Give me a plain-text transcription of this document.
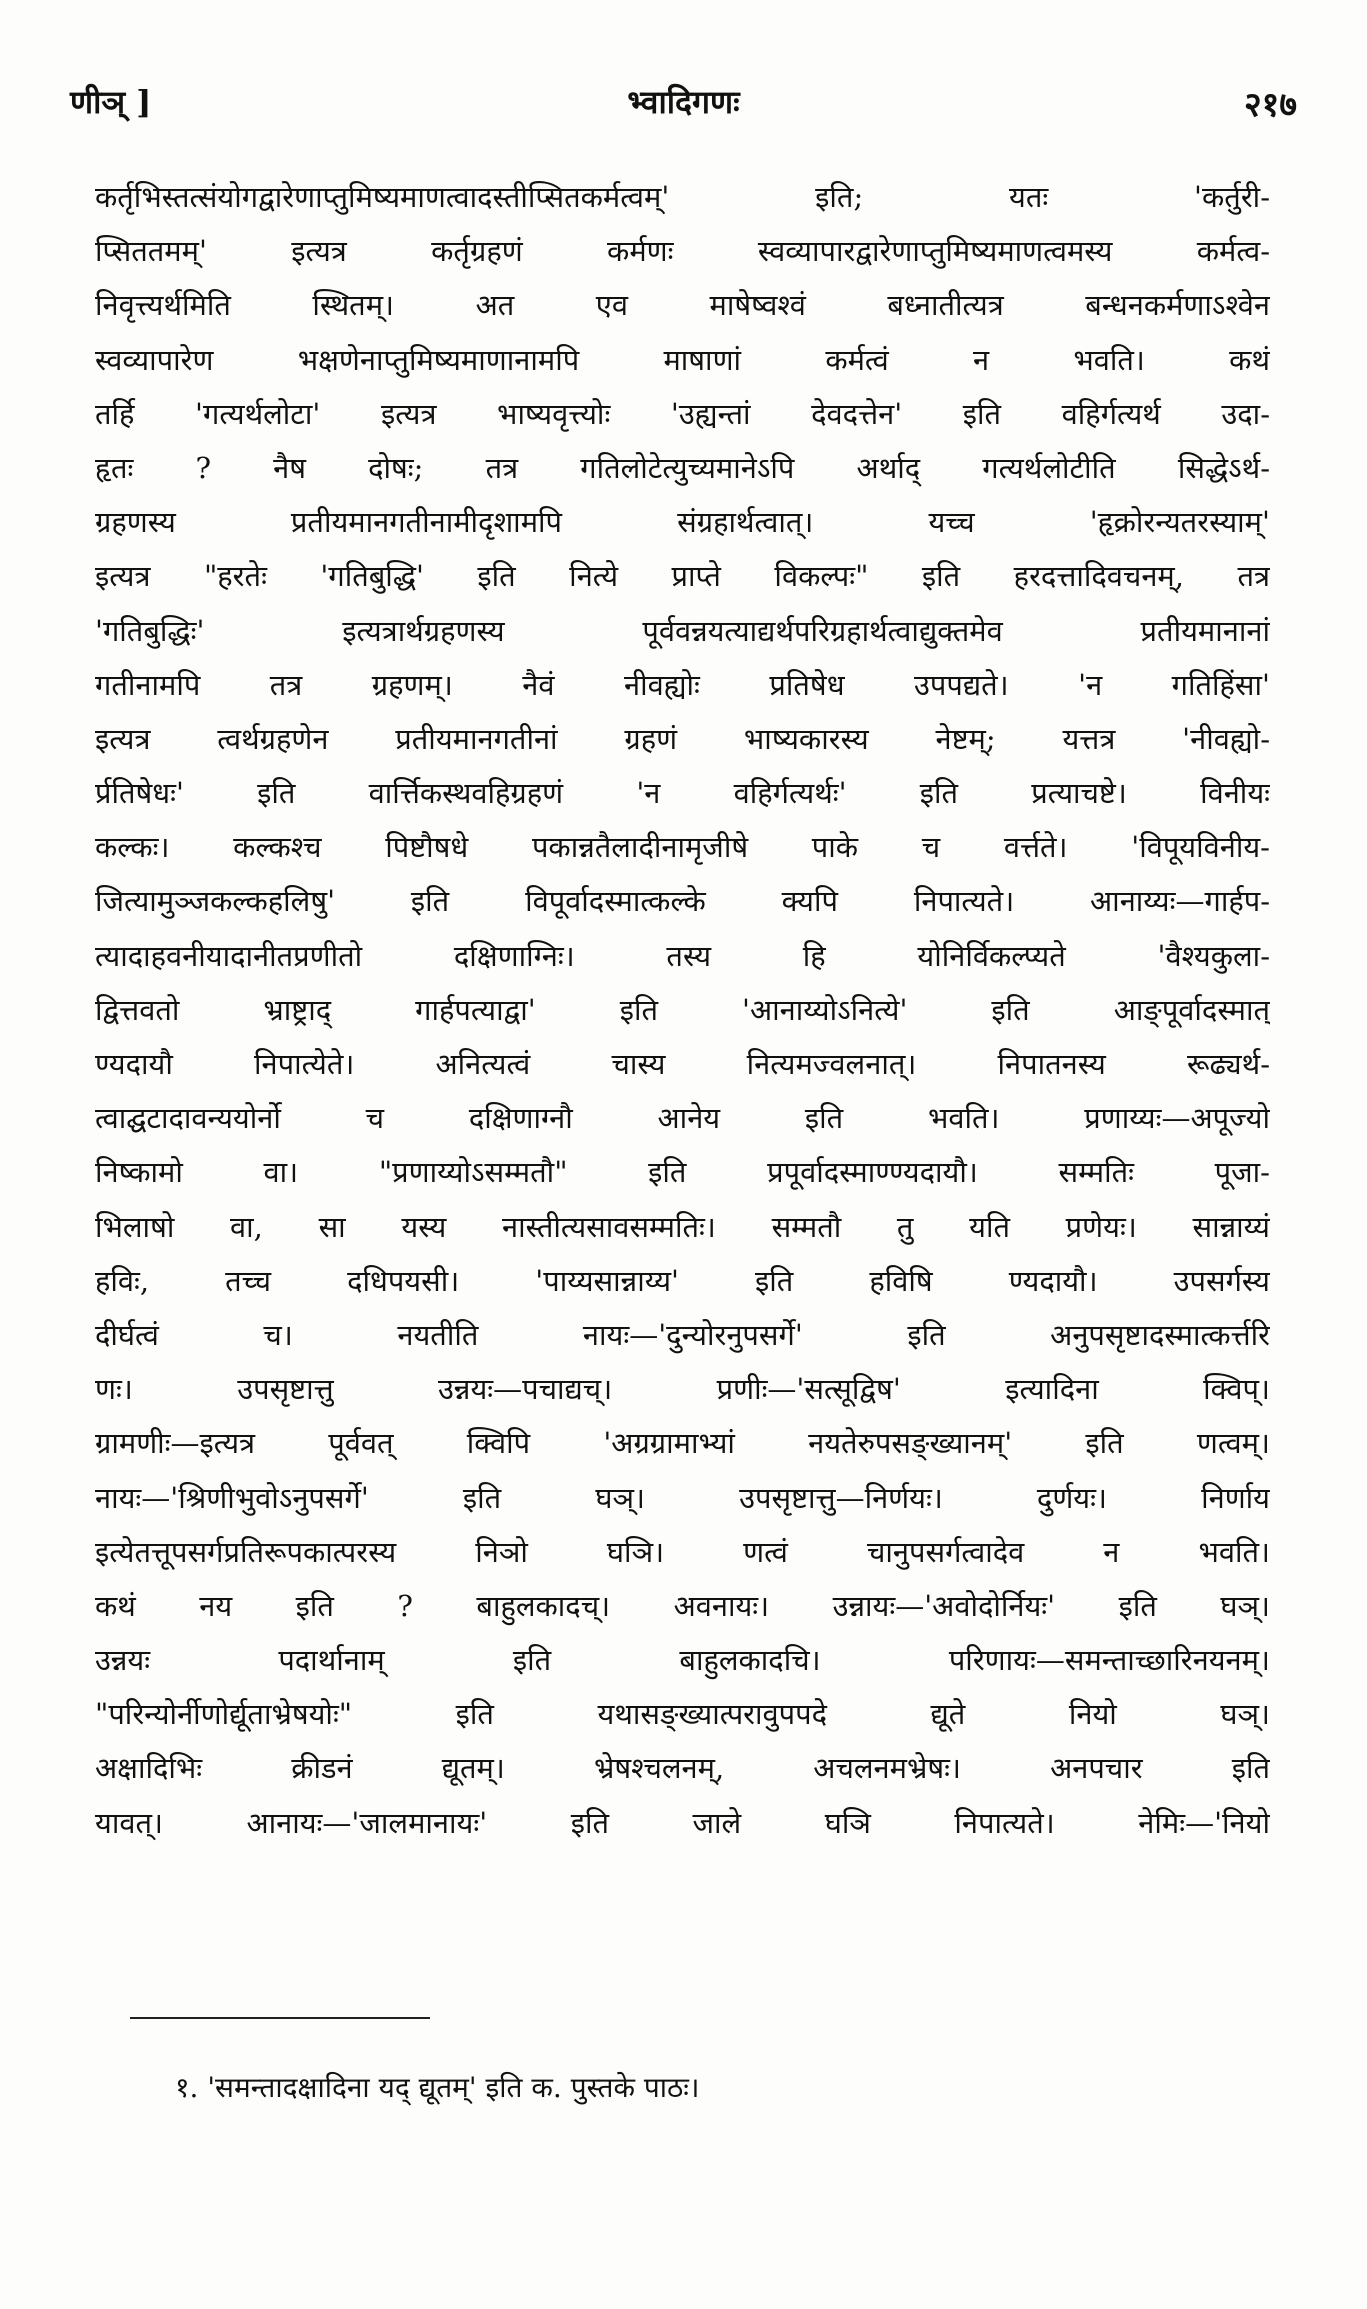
णीञ् ]	भ्वादिगणः	२१७
कर्तृभिस्तत्संयोगद्वारेणाप्तुमिष्यमाणत्वादस्तीप्सितकर्मत्वम्' इति; यतः 'कर्तुरी-
प्सिततमम्' इत्यत्र कर्तृग्रहणं कर्मणः स्वव्यापारद्वारेणाप्तुमिष्यमाणत्वमस्य कर्मत्व-
निवृत्त्यर्थमिति स्थितम्। अत एव माषेष्वश्वं बध्नातीत्यत्र बन्धनकर्मणाऽश्वेन
स्वव्यापारेण भक्षणेनाप्तुमिष्यमाणानामपि माषाणां कर्मत्वं न भवति। कथं
तर्हि 'गत्यर्थलोटा' इत्यत्र भाष्यवृत्त्योः 'उह्यन्तां देवदत्तेन' इति वहिर्गत्यर्थ उदा-
हृतः ? नैष दोषः; तत्र गतिलोटेत्युच्यमानेऽपि अर्थाद् गत्यर्थलोटीति सिद्धेऽर्थ-
ग्रहणस्य प्रतीयमानगतीनामीदृशामपि संग्रहार्थत्वात्। यच्च 'हृक्रोरन्यतरस्याम्'
इत्यत्र "हरतेः 'गतिबुद्धि' इति नित्ये प्राप्ते विकल्पः" इति हरदत्तादिवचनम्, तत्र
'गतिबुद्धिः' इत्यत्रार्थग्रहणस्य पूर्ववन्नयत्याद्यर्थपरिग्रहार्थत्वाद्युक्तमेव प्रतीयमानानां
गतीनामपि तत्र ग्रहणम्। नैवं नीवह्योः प्रतिषेध उपपद्यते। 'न गतिहिंसा'
इत्यत्र त्वर्थग्रहणेन प्रतीयमानगतीनां ग्रहणं भाष्यकारस्य नेष्टम्; यत्तत्र 'नीवह्यो-
र्प्रतिषेधः' इति वार्त्तिकस्थवहिग्रहणं 'न वहिर्गत्यर्थः' इति प्रत्याचष्टे। विनीयः
कल्कः। कल्कश्च पिष्टौषधे पकान्नतैलादीनामृजीषे पाके च वर्त्तते। 'विपूयविनीय-
जित्यामुञ्जकल्कहलिषु' इति विपूर्वादस्मात्कल्के क्यपि निपात्यते। आनाय्यः—गार्हप-
त्यादाहवनीयादानीतप्रणीतो दक्षिणाग्निः। तस्य हि योनिर्विकल्प्यते 'वैश्यकुला-
द्वित्तवतो भ्राष्ट्राद् गार्हपत्याद्वा' इति 'आनाय्योऽनित्ये' इति आङ्पूर्वादस्मात्
ण्यदायौ निपात्येते। अनित्यत्वं चास्य नित्यमज्वलनात्। निपातनस्य रूढ्यर्थ-
त्वाद्घटादावन्ययोर्नो च दक्षिणाग्नौ आनेय इति भवति। प्रणाय्यः—अपूज्यो
निष्कामो वा। "प्रणाय्योऽसम्मतौ" इति प्रपूर्वादस्माण्ण्यदायौ। सम्मतिः पूजा-
भिलाषो वा, सा यस्य नास्तीत्यसावसम्मतिः। सम्मतौ तु यति प्रणेयः। सान्नाय्यं
हविः, तच्च दधिपयसी। 'पाय्यसान्नाय्य' इति हविषि ण्यदायौ। उपसर्गस्य
दीर्घत्वं च। नयतीति नायः—'दुन्योरनुपसर्गे' इति अनुपसृष्टादस्मात्कर्त्तरि
णः। उपसृष्टात्तु उन्नयः—पचाद्यच्। प्रणीः—'सत्सूद्विष' इत्यादिना क्विप्।
ग्रामणीः—इत्यत्र पूर्ववत् क्विपि 'अग्रग्रामाभ्यां नयतेरुपसङ्ख्यानम्' इति णत्वम्।
नायः—'श्रिणीभुवोऽनुपसर्गे' इति घञ्। उपसृष्टात्तु—निर्णयः। दुर्णयः। निर्णाय
इत्येतत्तूपसर्गप्रतिरूपकात्परस्य निञो घञि। णत्वं चानुपसर्गत्वादेव न भवति।
कथं नय इति ? बाहुलकादच्। अवनायः। उन्नायः—'अवोदोर्नियः' इति घञ्।
उन्नयः पदार्थानाम् इति बाहुलकादचि। परिणायः—समन्ताच्छारिनयनम्।
"परिन्योर्नीणोर्द्यूताभ्रेषयोः" इति यथासङ्ख्यात्परावुपपदे द्यूते नियो घञ्।
अक्षादिभिः क्रीडनं द्यूतम्। भ्रेषश्चलनम्, अचलनमभ्रेषः। अनपचार इति
यावत्। आनायः—'जालमानायः' इति जाले घञि निपात्यते। नेमिः—'नियो
१. 'समन्तादक्षादिना यद् द्यूतम्' इति क. पुस्तके पाठः।
